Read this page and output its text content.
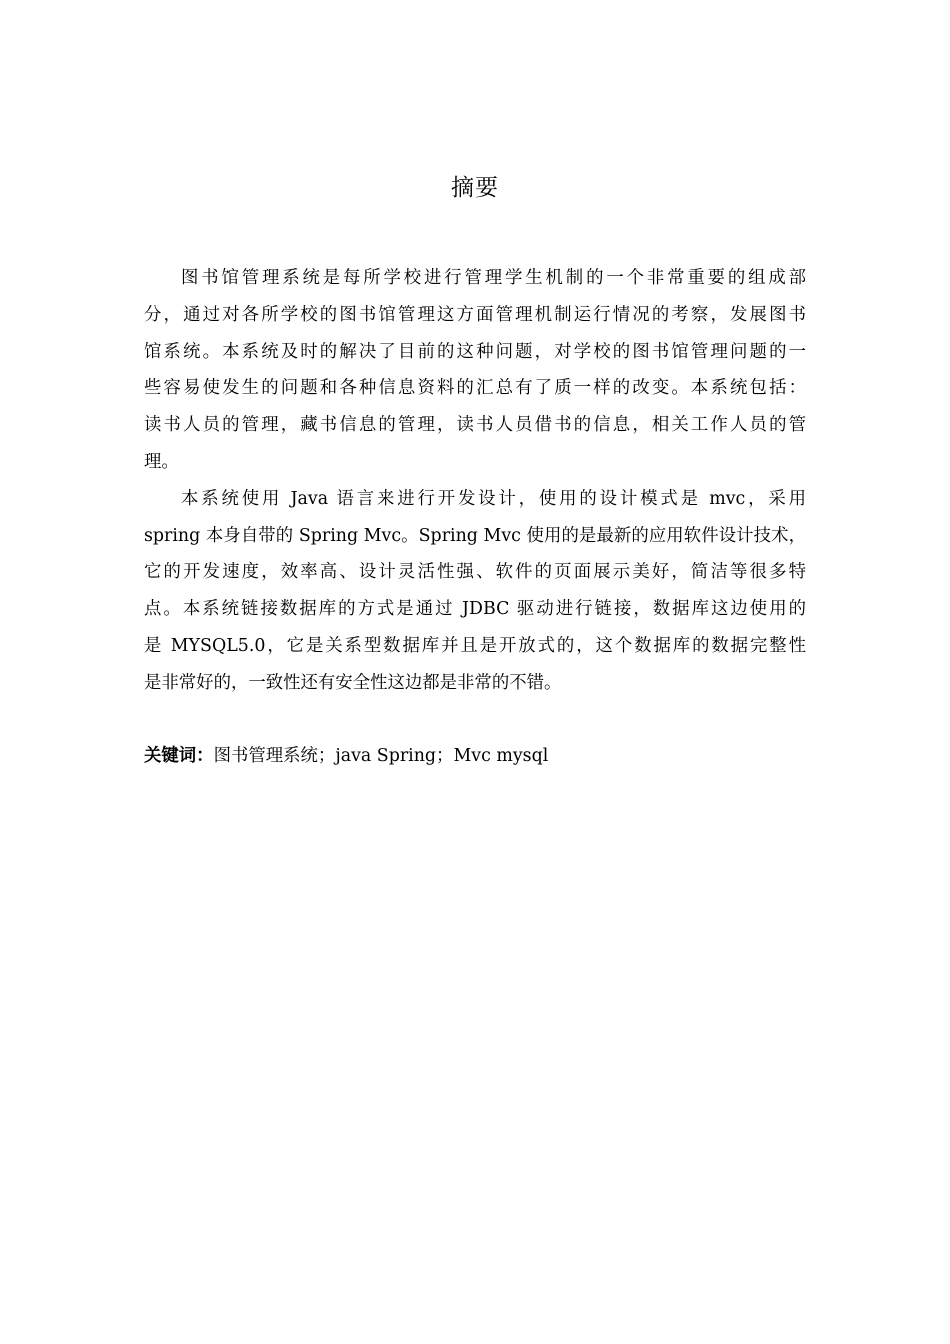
摘要
图书馆管理系统是每所学校进行管理学生机制的一个非常重要的组成部
分，通过对各所学校的图书馆管理这方面管理机制运行情况的考察，发展图书
馆系统。本系统及时的解决了目前的这种问题，对学校的图书馆管理问题的一
些容易使发生的问题和各种信息资料的汇总有了质一样的改变。本系统包括：
读书人员的管理，藏书信息的管理，读书人员借书的信息，相关工作人员的管
理。
本系统使用 Java 语言来进行开发设计，使用的设计模式是 mvc，采用
spring 本身自带的 Spring Mvc。Spring Mvc 使用的是最新的应用软件设计技术，
它的开发速度，效率高、设计灵活性强、软件的页面展示美好，简洁等很多特
点。本系统链接数据库的方式是通过 JDBC 驱动进行链接，数据库这边使用的
是 MYSQL5.0，它是关系型数据库并且是开放式的，这个数据库的数据完整性
是非常好的，一致性还有安全性这边都是非常的不错。
关键词：图书管理系统；java Spring；Mvc mysql
